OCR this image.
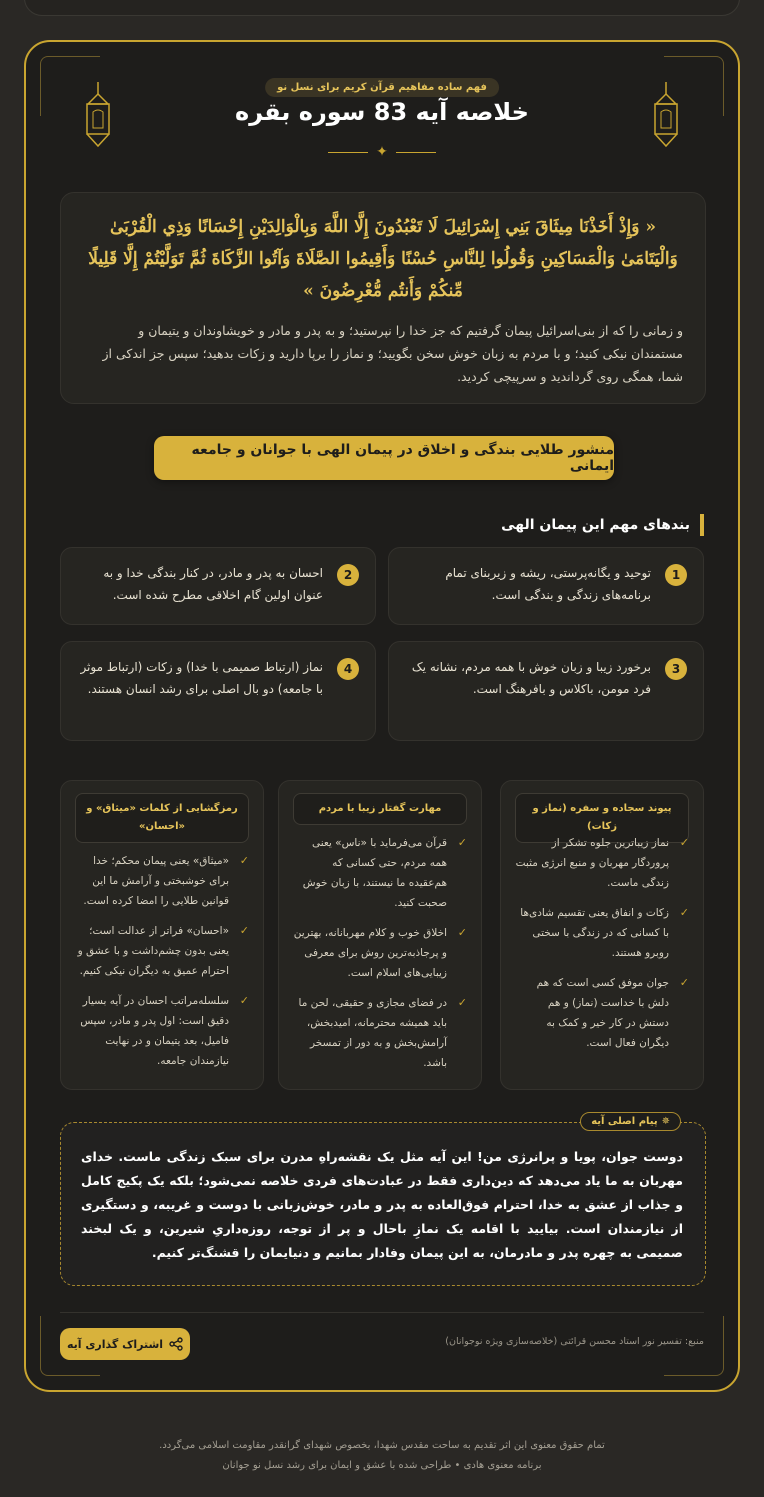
فهم ساده مفاهیم قرآن کریم برای نسل نو
خلاصه آیه 83 سوره بقره
✦
« وَإِذْ أَخَذْنَا مِيثَاقَ بَنِي إِسْرَائِيلَ لَا تَعْبُدُونَ إِلَّا اللَّهَ وَبِالْوَالِدَيْنِ إِحْسَانًا وَذِي الْقُرْبَىٰ وَالْيَتَامَىٰ وَالْمَسَاكِينِ وَقُولُوا لِلنَّاسِ حُسْنًا وَأَقِيمُوا الصَّلَاةَ وَآتُوا الزَّكَاةَ ثُمَّ تَوَلَّيْتُمْ إِلَّا قَلِيلًا مِّنكُمْ وَأَنتُم مُّعْرِضُونَ »
و زمانی را که از بنی‌اسرائیل پیمان گرفتیم که جز خدا را نپرستید؛ و به پدر و مادر و خویشاوندان و یتیمان و مستمندان نیکی کنید؛ و با مردم به زبان خوش سخن بگویید؛ و نماز را برپا دارید و زکات بدهید؛ سپس جز اندکی از شما، همگی روی گرداندید و سرپیچی کردید.
منشور طلایی بندگی و اخلاق در پیمان الهی با جوانان و جامعه ایمانی
بندهای مهم این پیمان الهی
1
توحید و یگانه‌پرستی، ریشه و زیربنای تمام برنامه‌های زندگی و بندگی است.
2
احسان به پدر و مادر، در کنار بندگی خدا و به عنوان اولین گام اخلاقی مطرح شده است.
3
برخورد زیبا و زبان خوش با همه مردم، نشانه یک فرد مومن، باکلاس و بافرهنگ است.
4
نماز (ارتباط صمیمی با خدا) و زکات (ارتباط موثر با جامعه) دو بال اصلی برای رشد انسان هستند.
پیوند سجاده و سفره (نماز و زکات)
✓
نماز زیباترین جلوه تشکر از پروردگار مهربان و منبع انرژی مثبت زندگی ماست.
✓
زکات و انفاق یعنی تقسیم شادی‌ها با کسانی که در زندگی با سختی روبرو هستند.
✓
جوان موفق کسی است که هم دلش با خداست (نماز) و هم دستش در کار خیر و کمک به دیگران فعال است.
مهارت گفتار زیبا با مردم
✓
قرآن می‌فرماید با «ناس» یعنی همه مردم، حتی کسانی که هم‌عقیده ما نیستند، با زبان خوش صحبت کنید.
✓
اخلاق خوب و کلام مهربانانه، بهترین و پرجاذبه‌ترین روش برای معرفی زیبایی‌های اسلام است.
✓
در فضای مجازی و حقیقی، لحن ما باید همیشه محترمانه، امیدبخش، آرامش‌بخش و به دور از تمسخر باشد.
رمزگشایی از کلمات «میثاق» و «احسان»
✓
«میثاق» یعنی پیمان محکم؛ خدا برای خوشبختی و آرامش ما این قوانین طلایی را امضا کرده است.
✓
«احسان» فراتر از عدالت است؛ یعنی بدون چشم‌داشت و با عشق و احترام عمیق به دیگران نیکی کنیم.
✓
سلسله‌مراتب احسان در آیه بسیار دقیق است: اول پدر و مادر، سپس فامیل، بعد یتیمان و در نهایت نیازمندان جامعه.
✵
پیام اصلی آیه
دوست جوان، پویا و پرانرژی من! این آیه مثل یک نقشه‌راهِ مدرن برای سبک زندگی ماست. خدای مهربان به ما یاد می‌دهد که دین‌داری فقط در عبادت‌های فردی خلاصه نمی‌شود؛ بلکه یک پکیج کامل و جذاب از عشق به خدا، احترام فوق‌العاده به پدر و مادر، خوش‌زبانی با دوست و غریبه، و دستگیری از نیازمندان است. بیایید با اقامه یک نمازِ باحال و پر از توجه، روزه‌داریِ شیرین، و یک لبخند صمیمی به چهره پدر و مادرمان، به این پیمان وفادار بمانیم و دنیایمان را قشنگ‌تر کنیم.
اشتراک گذاری آیه	منبع: تفسیر نور استاد محسن قرائتی (خلاصه‌سازی ویژه نوجوانان)
تمام حقوق معنوی این اثر تقدیم به ساحت مقدس شهدا، بخصوص شهدای گرانقدر مقاومت اسلامی می‌گردد.
برنامه معنوی هادی • طراحی شده با عشق و ایمان برای رشد نسل نو جوانان
